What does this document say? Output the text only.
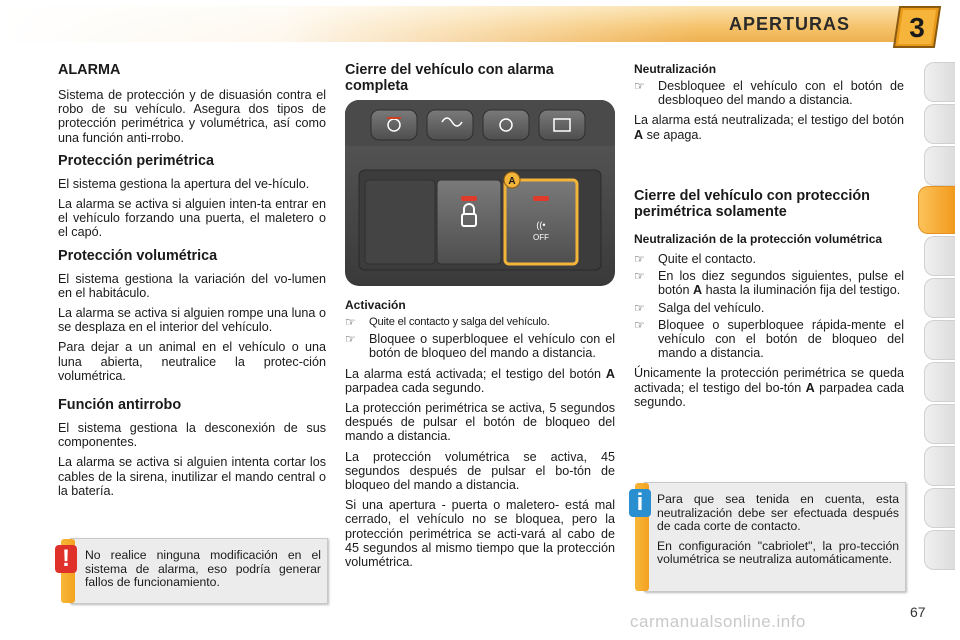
APERTURAS 3
ALARMA

Sistema de protección y de disuasión contra el robo de su vehículo. Asegura dos tipos de protección perimétrica y volumétrica, así como una función anti-rrobo.

Protección perimétrica

El sistema gestiona la apertura del ve-hículo.

La alarma se activa si alguien inten-ta entrar en el vehículo forzando una puerta, el maletero o el capó.

Protección volumétrica

El sistema gestiona la variación del vo-lumen en el habitáculo.

La alarma se activa si alguien rompe una luna o se desplaza en el interior del vehículo.

Para dejar a un animal en el vehículo o una luna abierta, neutralice la protec-ción volumétrica.

Función antirrobo

El sistema gestiona la desconexión de sus componentes.

La alarma se activa si alguien intenta cortar los cables de la sirena, inutilizar el mando central o la batería.

!	No realice ninguna modificación en el sistema de alarma, eso podría generar fallos de funcionamiento.

Cierre del vehículo con alarma completa
((•
OFF
A
Activación
☞	Quite el contacto y salga del vehículo.
☞	Bloquee o superbloquee el vehículo con el botón de bloqueo del mando a distancia.

La alarma está activada; el testigo del botón A parpadea cada segundo.

La protección perimétrica se activa, 5 segundos después de pulsar el botón de bloqueo del mando a distancia.

La protección volumétrica se activa, 45 segundos después de pulsar el bo-tón de bloqueo del mando a distancia.

Si una apertura - puerta o maletero- está mal cerrado, el vehículo no se bloquea, pero la protección perimétrica se acti-vará al cabo de 45 segundos al mismo tiempo que la protección volumétrica.

Neutralización
☞	Desbloquee el vehículo con el botón de desbloqueo del mando a distancia.

La alarma está neutralizada; el testigo del botón A se apaga.

Cierre del vehículo con protección perimétrica solamente
Neutralización de la protección volumétrica
☞	Quite el contacto.
☞	En los diez segundos siguientes, pulse el botón A hasta la iluminación fija del testigo.
☞	Salga del vehículo.
☞	Bloquee o superbloquee rápida-mente el vehículo con el botón de bloqueo del mando a distancia.

Únicamente la protección perimétrica se queda activada; el testigo del bo-tón A parpadea cada segundo.

i	Para que sea tenida en cuenta, esta neutralización debe ser efectuada después de cada corte de contacto.

En configuración "cabriolet", la pro-tección volumétrica se neutraliza automáticamente.

67
carmanualsonline.info
